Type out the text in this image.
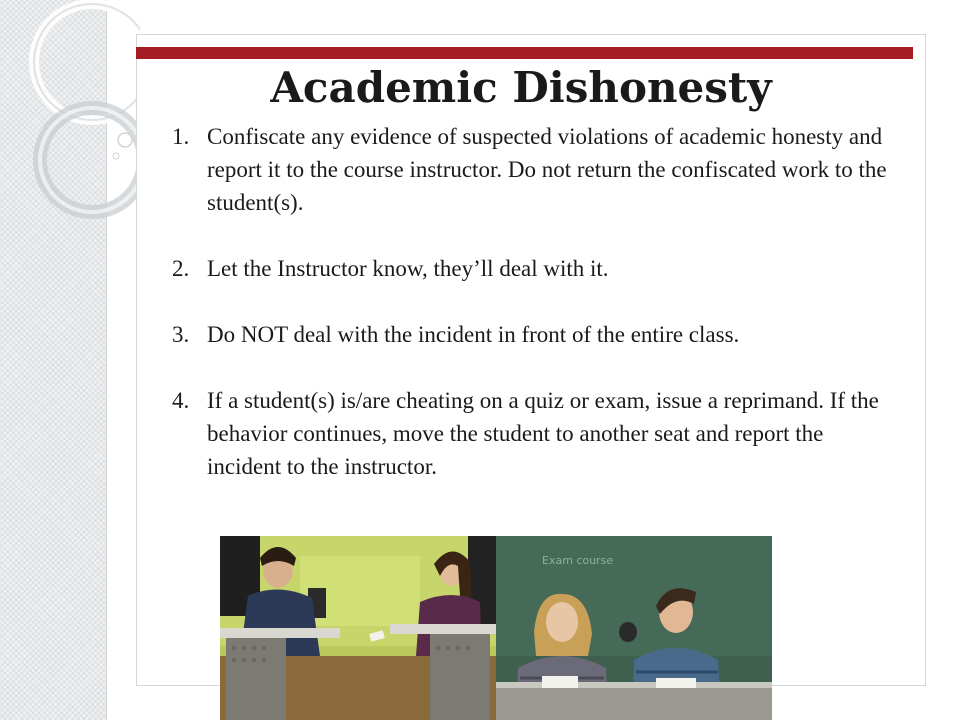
Academic Dishonesty
1. Confiscate any evidence of suspected violations of academic honesty and report it to the course instructor. Do not return the confiscated work to the student(s).
2. Let the Instructor know, they’ll deal with it.
3. Do NOT deal with the incident in front of the entire class.
4. If a student(s) is/are cheating on a quiz or exam, issue a reprimand. If the behavior continues, move the student to another seat and report the incident to the instructor.
Exam course
